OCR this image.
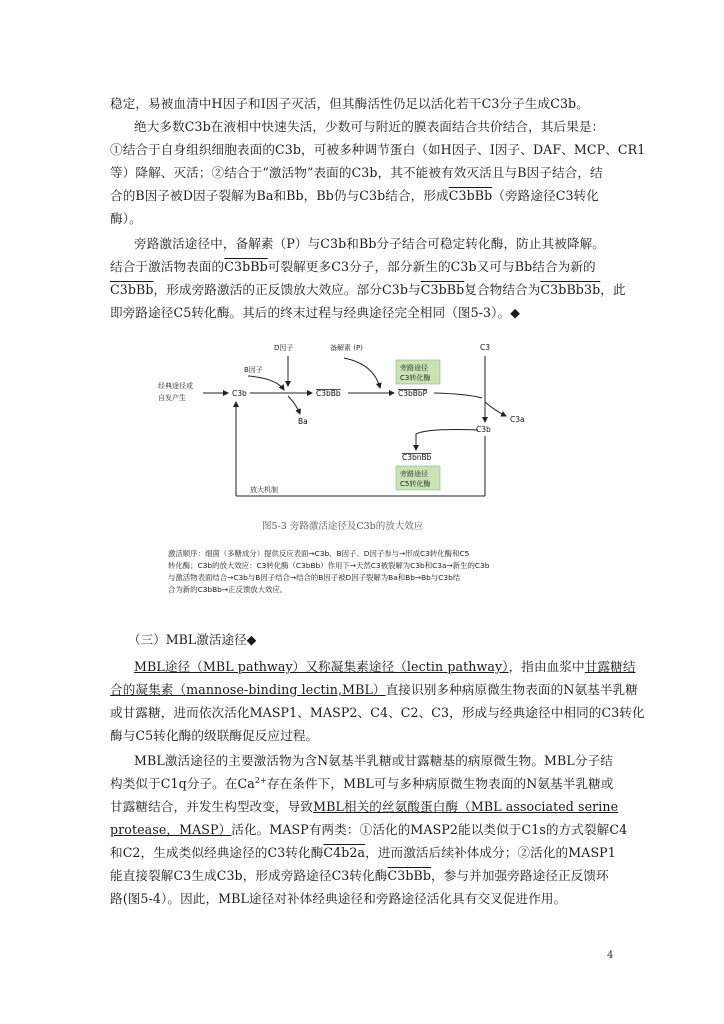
稳定，易被血清中H因子和I因子灭活，但其酶活性仍足以活化若干C3分子生成C3b。
绝大多数C3b在液相中快速失活，少数可与附近的膜表面结合共价结合，其后果是：
①结合于自身组织细胞表面的C3b，可被多种调节蛋白（如H因子、I因子、DAF、MCP、CR1
等）降解、灭活；②结合于“激活物”表面的C3b，其不能被有效灭活且与B因子结合，结
合的B因子被D因子裂解为Ba和Bb，Bb仍与C3b结合，形成C3bBb（旁路途径C3转化
酶）。
旁路激活途径中，备解素（P）与C3b和Bb分子结合可稳定转化酶，防止其被降解。
结合于激活物表面的C3bBb可裂解更多C3分子，部分新生的C3b又可与Bb结合为新的
C3bBb，形成旁路激活的正反馈放大效应。部分C3b与C3bBb复合物结合为C3bBb3b，此
即旁路途径C5转化酶。其后的终末过程与经典途径完全相同（图5-3）。◆
D因子	备解素 (P)	C3
B因子
经典途径或
自发产生
旁路途径
C3转化酶
C3b	C3bBb	C3bBbP
Ba	C3a
C3b
C3bnBb
旁路途径
C5转化酶
放大机制
图5-3 旁路激活途径及C3b的放大效应
激活顺序：细菌（多糖成分）提供反应表面→C3b、B因子、D因子参与→形成C3转化酶和C5
转化酶；C3b的放大效应：C3转化酶（C3bBb）作用下→天然C3被裂解为C3b和C3a→新生的C3b
与激活物表面结合→C3b与B因子结合→结合的B因子被D因子裂解为Ba和Bb→Bb与C3b结
合为新的C3bBb→正反馈放大效应。
（三）MBL激活途径◆
MBL途径（MBL pathway）又称凝集素途径（lectin pathway），指由血浆中甘露糖结
合的凝集素（mannose-binding lectin,MBL）直接识别多种病原微生物表面的N氨基半乳糖
或甘露糖，进而依次活化MASP1、MASP2、C4、C2、C3，形成与经典途径中相同的C3转化
酶与C5转化酶的级联酶促反应过程。
MBL激活途径的主要激活物为含N氨基半乳糖或甘露糖基的病原微生物。MBL分子结
构类似于C1q分子。在$Ca^{2+}$存在条件下，MBL可与多种病原微生物表面的N氨基半乳糖或
甘露糖结合，并发生构型改变，导致MBL相关的丝氨酸蛋白酶（MBL associated serine
protease，MASP）活化。MASP有两类：①活化的MASP2能以类似于C1s的方式裂解C4
和C2，生成类似经典途径的C3转化酶C4b2a，进而激活后续补体成分；②活化的MASP1
能直接裂解C3生成C3b，形成旁路途径C3转化酶C3bBb，参与并加强旁路途径正反馈环
路(图5-4）。因此，MBL途径对补体经典途径和旁路途径活化具有交叉促进作用。
4
